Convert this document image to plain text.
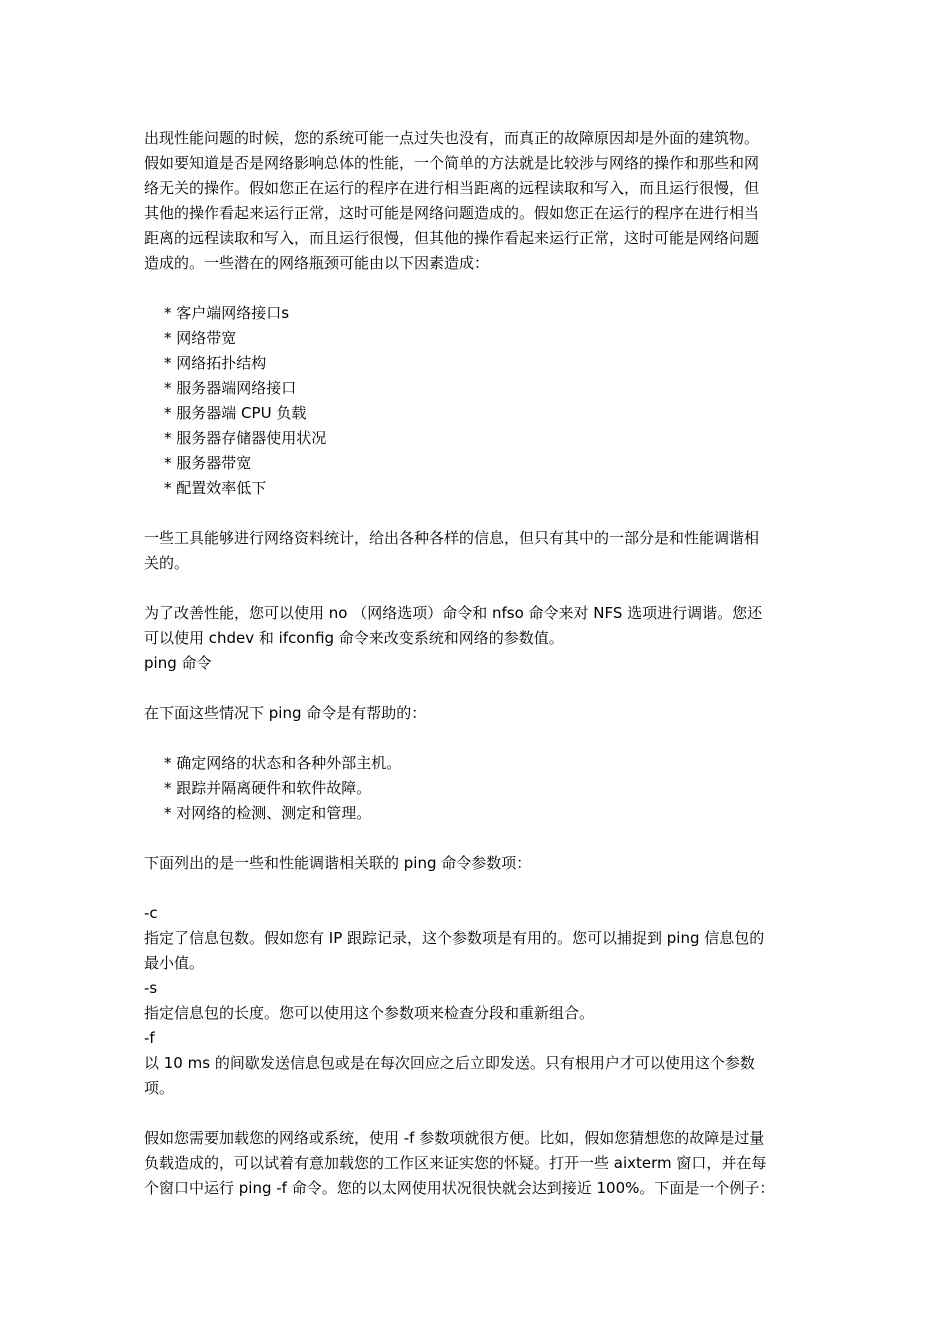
出现性能问题的时候，您的系统可能一点过失也没有，而真正的故障原因却是外面的建筑物。
假如要知道是否是网络影响总体的性能，一个简单的方法就是比较涉与网络的操作和那些和网
络无关的操作。假如您正在运行的程序在进行相当距离的远程读取和写入，而且运行很慢，但
其他的操作看起来运行正常，这时可能是网络问题造成的。假如您正在运行的程序在进行相当
距离的远程读取和写入，而且运行很慢，但其他的操作看起来运行正常，这时可能是网络问题
造成的。一些潜在的网络瓶颈可能由以下因素造成：

* 客户端网络接口s
* 网络带宽
* 网络拓扑结构
* 服务器端网络接口
* 服务器端 CPU 负载
* 服务器存储器使用状况
* 服务器带宽
* 配置效率低下

一些工具能够进行网络资料统计，给出各种各样的信息，但只有其中的一部分是和性能调谐相
关的。

为了改善性能，您可以使用 no （网络选项）命令和 nfso 命令来对 NFS 选项进行调谐。您还
可以使用 chdev 和 ifconfig 命令来改变系统和网络的参数值。

ping 命令

在下面这些情况下 ping 命令是有帮助的：

* 确定网络的状态和各种外部主机。
* 跟踪并隔离硬件和软件故障。
* 对网络的检测、测定和管理。

下面列出的是一些和性能调谐相关联的 ping 命令参数项：

-c

指定了信息包数。假如您有 IP 跟踪记录，这个参数项是有用的。您可以捕捉到 ping 信息包的
最小值。

-s

指定信息包的长度。您可以使用这个参数项来检查分段和重新组合。

-f

以 10 ms 的间歇发送信息包或是在每次回应之后立即发送。只有根用户才可以使用这个参数
项。

假如您需要加载您的网络或系统，使用 -f 参数项就很方便。比如，假如您猜想您的故障是过量
负载造成的，可以试着有意加载您的工作区来证实您的怀疑。打开一些 aixterm 窗口，并在每
个窗口中运行 ping -f 命令。您的以太网使用状况很快就会达到接近 100%。下面是一个例子：
